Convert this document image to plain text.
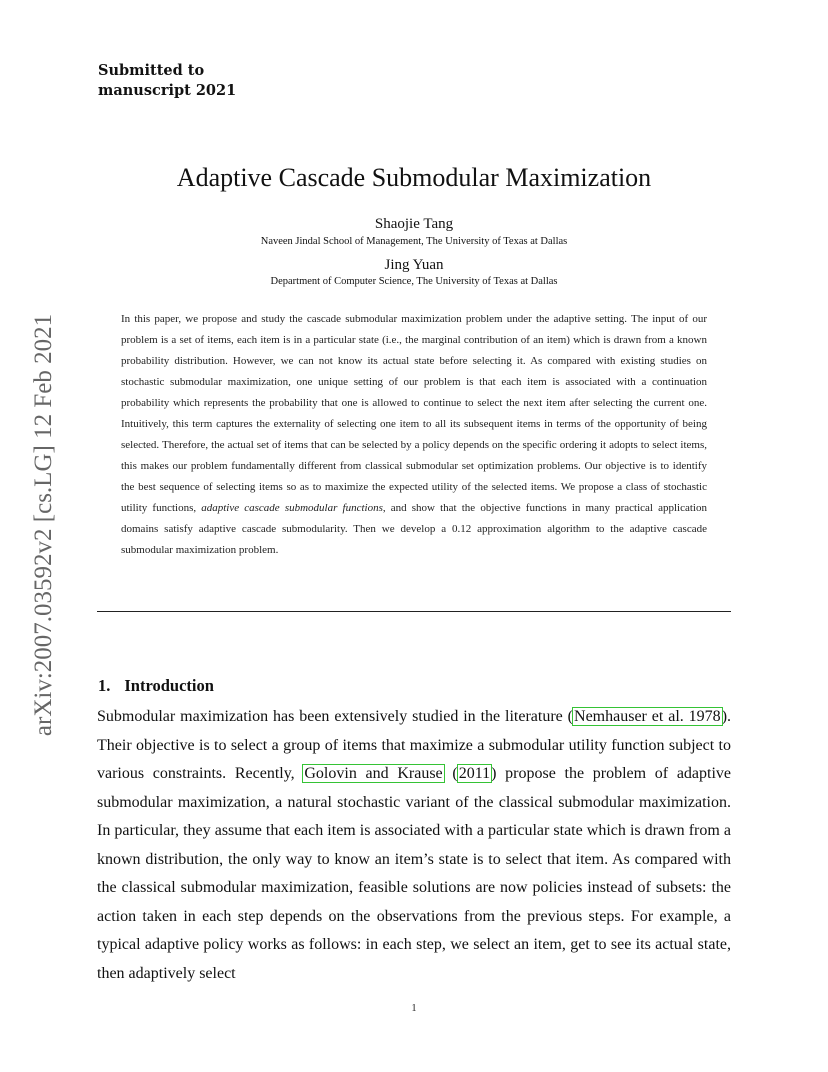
Submitted to
manuscript 2021
arXiv:2007.03592v2 [cs.LG] 12 Feb 2021
Adaptive Cascade Submodular Maximization
Shaojie Tang
Naveen Jindal School of Management, The University of Texas at Dallas
Jing Yuan
Department of Computer Science, The University of Texas at Dallas
In this paper, we propose and study the cascade submodular maximization problem under the adaptive setting. The input of our problem is a set of items, each item is in a particular state (i.e., the marginal contribution of an item) which is drawn from a known probability distribution. However, we can not know its actual state before selecting it. As compared with existing studies on stochastic submodular maximization, one unique setting of our problem is that each item is associated with a continuation probability which represents the probability that one is allowed to continue to select the next item after selecting the current one. Intuitively, this term captures the externality of selecting one item to all its subsequent items in terms of the opportunity of being selected. Therefore, the actual set of items that can be selected by a policy depends on the specific ordering it adopts to select items, this makes our problem fundamentally different from classical submodular set optimization problems. Our objective is to identify the best sequence of selecting items so as to maximize the expected utility of the selected items. We propose a class of stochastic utility functions, adaptive cascade submodular functions, and show that the objective functions in many practical application domains satisfy adaptive cascade submodularity. Then we develop a 0.12 approximation algorithm to the adaptive cascade submodular maximization problem.
1. Introduction
Submodular maximization has been extensively studied in the literature (Nemhauser et al. 1978). Their objective is to select a group of items that maximize a submodular utility function subject to various constraints. Recently, Golovin and Krause (2011) propose the problem of adaptive submodular maximization, a natural stochastic variant of the classical submodular maximization. In particular, they assume that each item is associated with a particular state which is drawn from a known distribution, the only way to know an item’s state is to select that item. As compared with the classical submodular maximization, feasible solutions are now policies instead of subsets: the action taken in each step depends on the observations from the previous steps. For example, a typical adaptive policy works as follows: in each step, we select an item, get to see its actual state, then adaptively select
1
